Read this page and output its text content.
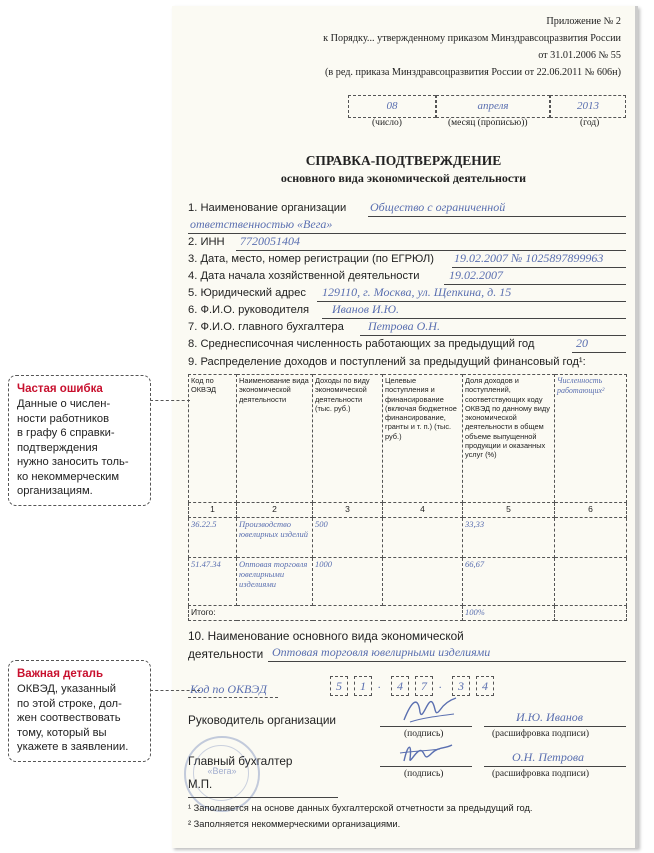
Приложение № 2
к Порядку... утвержденному приказом Минздравсоцразвития России
от 31.01.2006 № 55
(в ред. приказа Минздравсоцразвития России от 22.06.2011 № 606н)
08	апреля	2013
(число)	(месяц (прописью))	(год)
СПРАВКА-ПОДТВЕРЖДЕНИЕ
основного вида экономической деятельности
1. Наименование организации Общество с ограниченной
ответственностью «Вега»
2. ИНН 7720051404
3. Дата, место, номер регистрации (по ЕГРЮЛ) 19.02.2007 № 1025897899963
4. Дата начала хозяйственной деятельности 19.02.2007
5. Юридический адрес 129110, г. Москва, ул. Щепкина, д. 15
6. Ф.И.О. руководителя Иванов И.Ю.
7. Ф.И.О. главного бухгалтера Петрова О.Н.
8. Среднесписочная численность работающих за предыдущий год	20
9. Распределение доходов и поступлений за предыдущий финансовый год¹:
Код по ОКВЭД	Наименование вида экономической деятельности	Доходы по виду экономической деятельности (тыс. руб.)	Целевые поступления и финансирование (включая бюджетное финансирование, гранты и т. п.) (тыс. руб.)	Доля доходов и поступлений, соответствующих коду ОКВЭД по данному виду экономической деятельности в общем объеме выпущенной продукции и оказанных услуг (%)	Численность работающих²
1	2	3	4	5	6
36.22.5	Производство ювелирных изделий	500		33,33	
51.47.34	Оптовая торговля ювелирными изделиями	1000		66,67	
Итого:				100%	
10. Наименование основного вида экономической
деятельности Оптовая торговля ювелирными изделиями
Код по ОКВЭД	5	1	.	4	7	.	3	4
Руководитель организации
(подпись)
И.Ю. Иванов
(расшифровка подписи)
Главный бухгалтер
(подпись)
О.Н. Петрова
(расшифровка подписи)
«Вега»
М.П.
¹ Заполняется на основе данных бухгалтерской отчетности за предыдущий год.
² Заполняется некоммерческими организациями.
Частая ошибка
Данные о числен-
ности работников
в графу 6 справки-
подтверждения
нужно заносить толь-
ко некоммерческим
организациям.
Важная деталь
ОКВЭД, указанный
по этой строке, дол-
жен соотвествовать
тому, который вы
укажете в заявлении.
